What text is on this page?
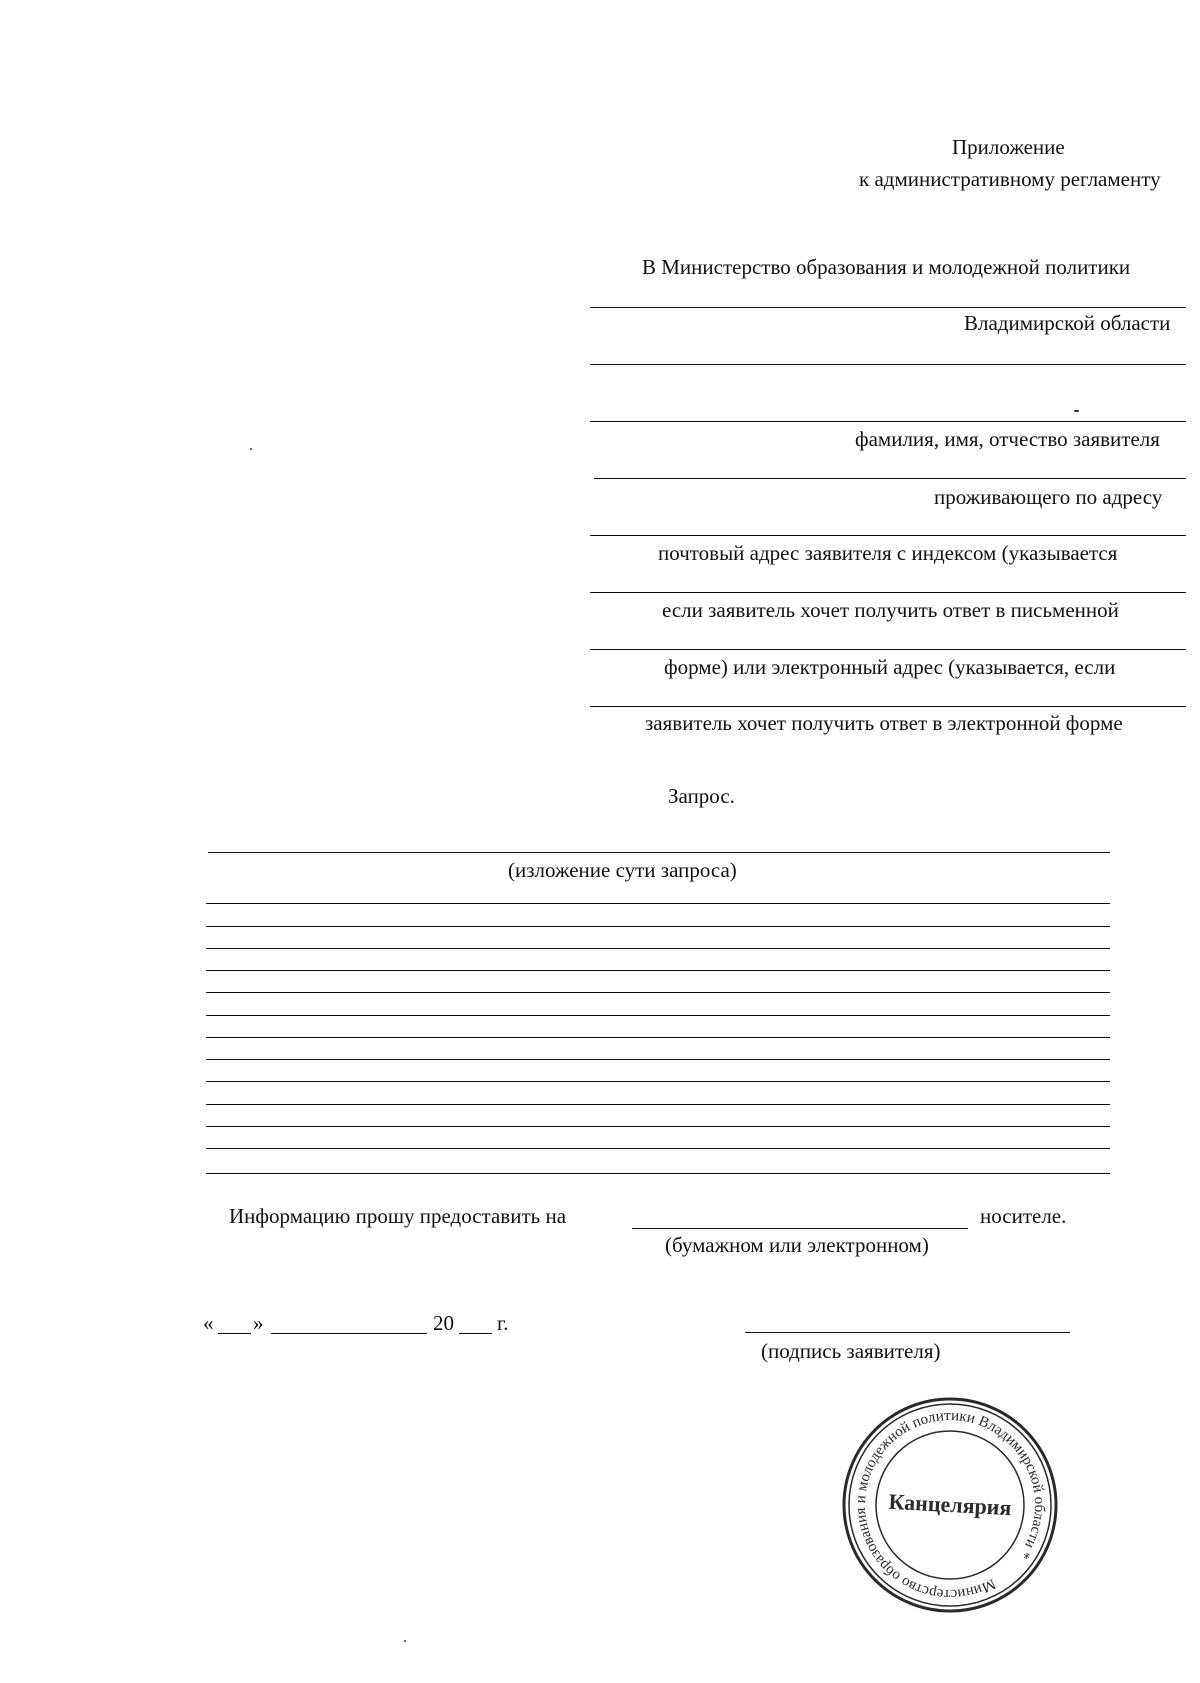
Приложение
к административному регламенту
В Министерство образования и молодежной политики
Владимирской области
фамилия, имя, отчество заявителя
проживающего по адресу
почтовый адрес заявителя с индексом (указывается
если заявитель хочет получить ответ в письменной
форме) или электронный адрес (указывается, если
заявитель хочет получить ответ в электронной форме
Запрос.
(изложение сути запроса)
Информацию прошу предоставить на	носителе.
(бумажном или электронном)
« »	20 г.
(подпись заявителя)
Министерство образования и молодежной политики Владимирской области *
Канцелярия
